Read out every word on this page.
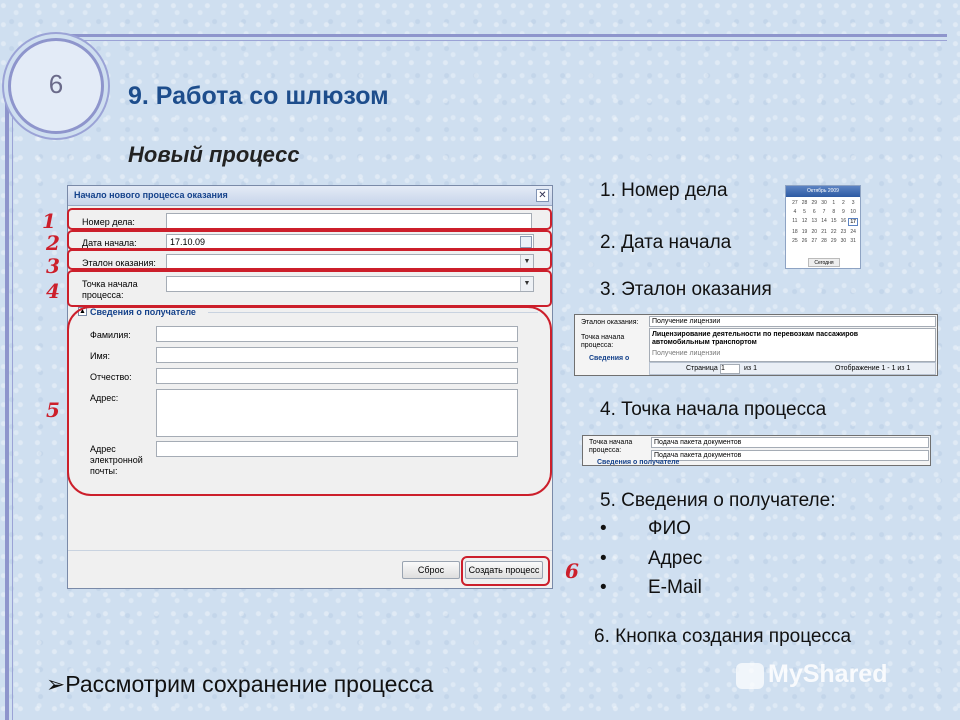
6	9. Работа со шлюзом
Новый процесс
Начало нового процесса оказания	✕
Номер дела:
Дата начала:	17.10.09
Эталон оказания:	▼
Точка начала
процесса:
▼
▲ Сведения о получателе
Фамилия:
Имя:
Отчество:
Адрес:
Адрес
электронной
почты:
Сброс	Создать процесс
1
2
3
4
5
6
1. Номер дела
2. Дата начала
3. Эталон оказания
4. Точка начала процесса
5. Сведения о получателе:
• ФИО
• Адрес
• E-Mail
6. Кнопка создания процесса
Октябрь 2009
27 28 29 30	1	2	3
4	5	6	7	8	9	10
11 12 13 14 15 16 17
18 19 20 21 22 23 24
25 26 27 28 29 30 31
Сегодня
Эталон оказания: Получение лицензии
Точка начала
процесса:
Сведения о
Лицензирование деятельности по перевозкам пассажиров
автомобильным транспортом
Получение лицензии
Страница 1	из 1	Отображение 1 - 1 из 1
Точка начала
процесса:
Подача пакета документов
Подача пакета документов
Сведения о получателе
➢Рассмотрим сохранение процесса	MyShared
